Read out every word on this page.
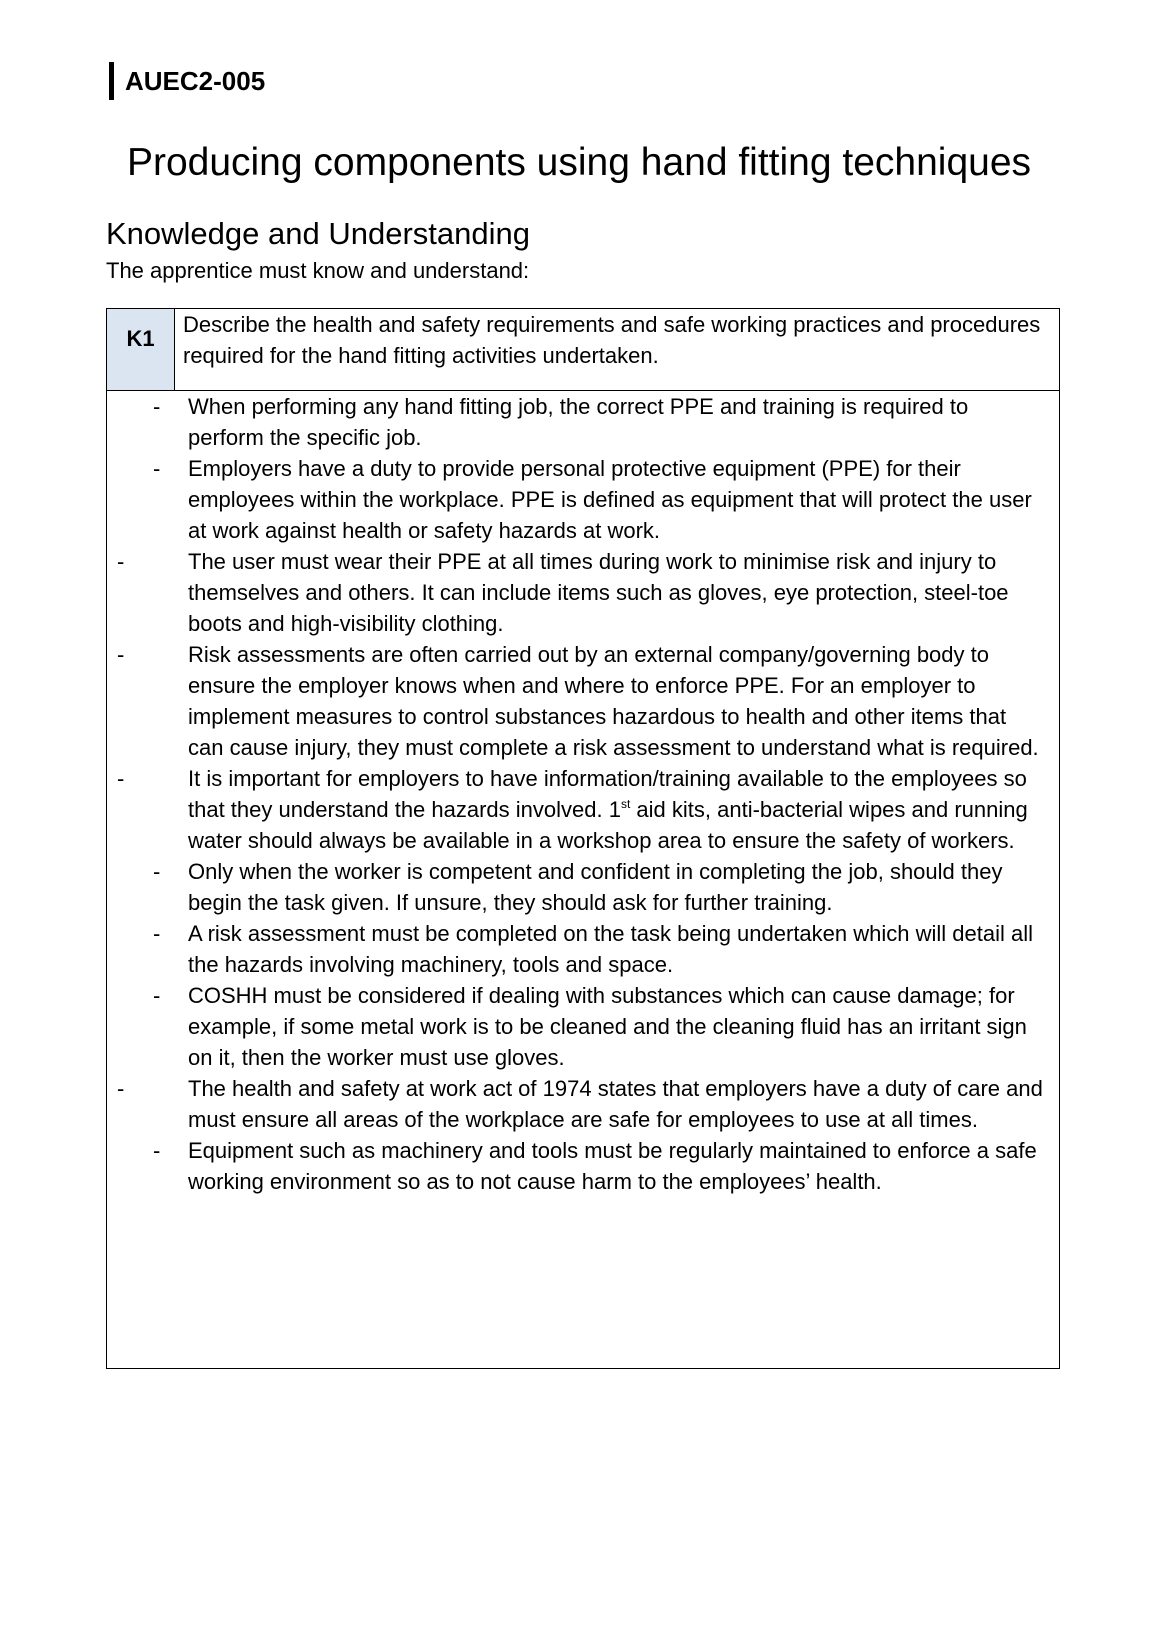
AUEC2-005
Producing components using hand fitting techniques
Knowledge and Understanding
The apprentice must know and understand:
K1
Describe the health and safety requirements and safe working practices and procedures required for the hand fitting activities undertaken.
- When performing any hand fitting job, the correct PPE and training is required to perform the specific job.
- Employers have a duty to provide personal protective equipment (PPE) for their employees within the workplace. PPE is defined as equipment that will protect the user at work against health or safety hazards at work.
-	The user must wear their PPE at all times during work to minimise risk and injury to themselves and others. It can include items such as gloves, eye protection, steel-toe boots and high-visibility clothing.
-	Risk assessments are often carried out by an external company/governing body to ensure the employer knows when and where to enforce PPE. For an employer to implement measures to control substances hazardous to health and other items that can cause injury, they must complete a risk assessment to understand what is required.
-	It is important for employers to have information/training available to the employees so that they understand the hazards involved. 1st aid kits, anti-bacterial wipes and running water should always be available in a workshop area to ensure the safety of workers.
- Only when the worker is competent and confident in completing the job, should they begin the task given. If unsure, they should ask for further training.
- A risk assessment must be completed on the task being undertaken which will detail all the hazards involving machinery, tools and space.
- COSHH must be considered if dealing with substances which can cause damage; for example, if some metal work is to be cleaned and the cleaning fluid has an irritant sign on it, then the worker must use gloves.
-	The health and safety at work act of 1974 states that employers have a duty of care and must ensure all areas of the workplace are safe for employees to use at all times.
- Equipment such as machinery and tools must be regularly maintained to enforce a safe working environment so as to not cause harm to the employees’ health.
